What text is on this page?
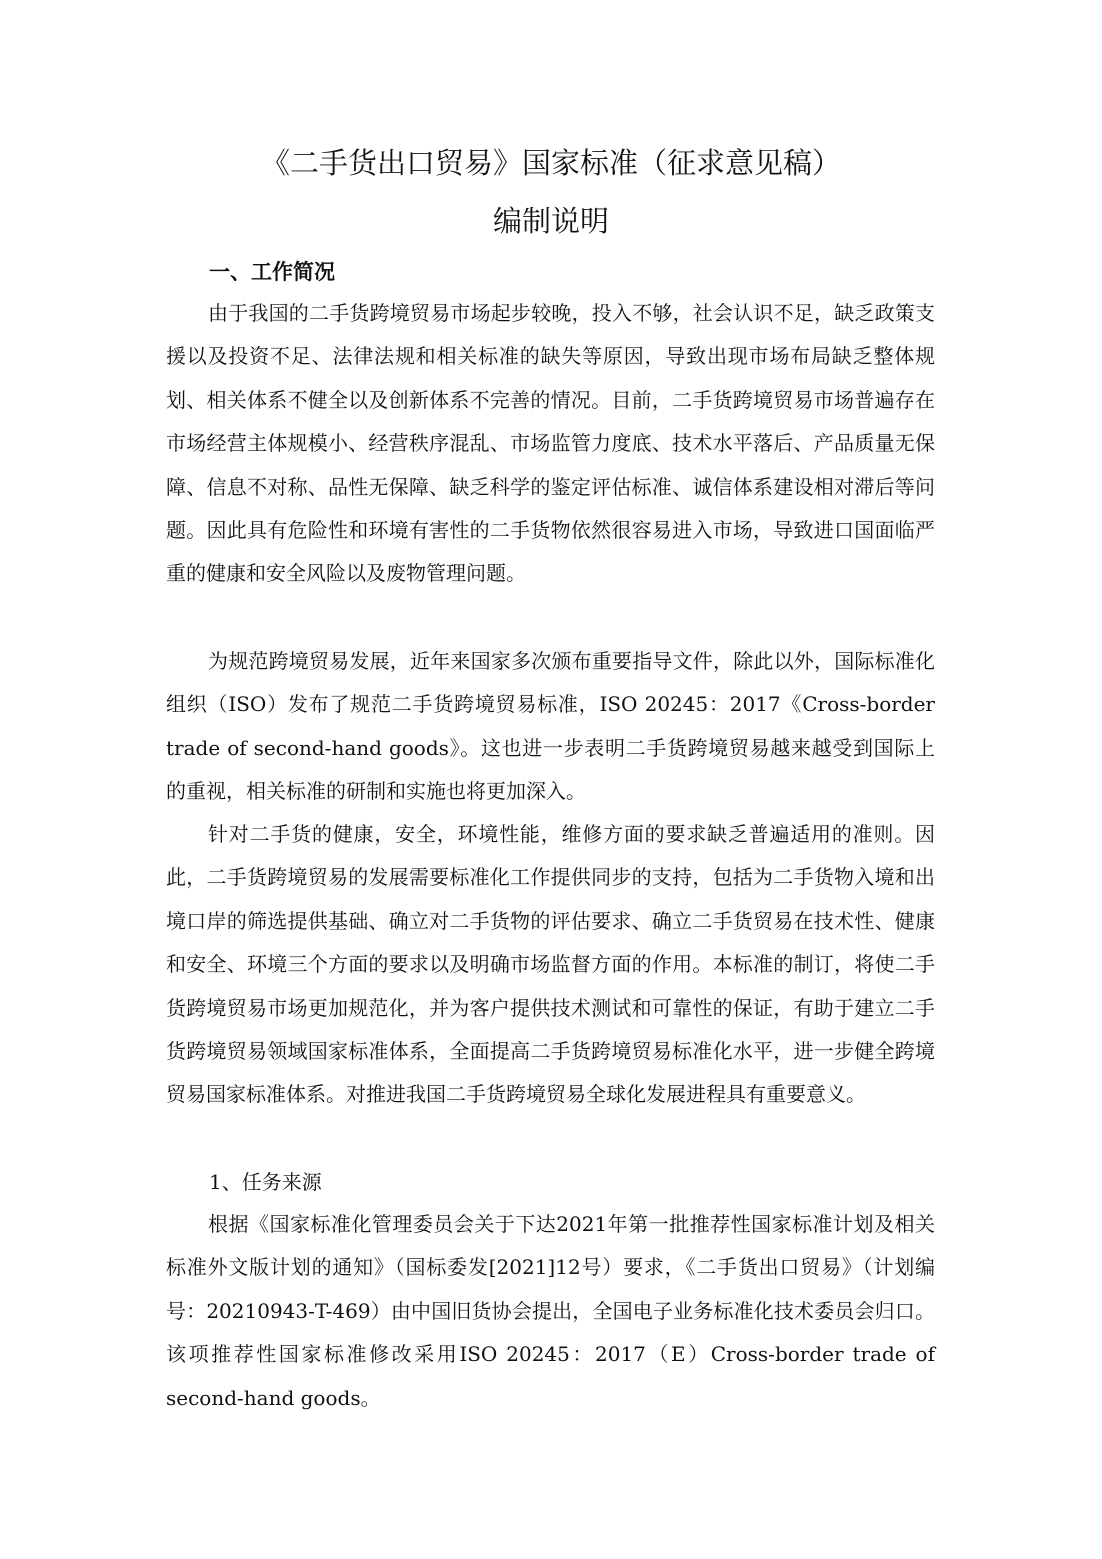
《二手货出口贸易》国家标准（征求意见稿）
编制说明
一、工作简况

由于我国的二手货跨境贸易市场起步较晚，投入不够，社会认识不足，缺乏政策支援以及投资不足、法律法规和相关标准的缺失等原因，导致出现市场布局缺乏整体规划、相关体系不健全以及创新体系不完善的情况。目前，二手货跨境贸易市场普遍存在市场经营主体规模小、经营秩序混乱、市场监管力度底、技术水平落后、产品质量无保障、信息不对称、品性无保障、缺乏科学的鉴定评估标准、诚信体系建设相对滞后等问题。因此具有危险性和环境有害性的二手货物依然很容易进入市场，导致进口国面临严重的健康和安全风险以及废物管理问题。

为规范跨境贸易发展，近年来国家多次颁布重要指导文件，除此以外，国际标准化组织（ISO）发布了规范二手货跨境贸易标准，ISO 20245：2017《Cross-border trade of second-hand goods》。这也进一步表明二手货跨境贸易越来越受到国际上的重视，相关标准的研制和实施也将更加深入。

针对二手货的健康，安全，环境性能，维修方面的要求缺乏普遍适用的准则。因此，二手货跨境贸易的发展需要标准化工作提供同步的支持，包括为二手货物入境和出境口岸的筛选提供基础、确立对二手货物的评估要求、确立二手货贸易在技术性、健康和安全、环境三个方面的要求以及明确市场监督方面的作用。本标准的制订，将使二手货跨境贸易市场更加规范化，并为客户提供技术测试和可靠性的保证，有助于建立二手货跨境贸易领域国家标准体系，全面提高二手货跨境贸易标准化水平，进一步健全跨境贸易国家标准体系。对推进我国二手货跨境贸易全球化发展进程具有重要意义。

1、任务来源

根据《国家标准化管理委员会关于下达2021年第一批推荐性国家标准计划及相关标准外文版计划的通知》（国标委发[2021]12号）要求，《二手货出口贸易》（计划编号：20210943-T-469）由中国旧货协会提出，全国电子业务标准化技术委员会归口。该项推荐性国家标准修改采用ISO 20245：2017（E）Cross-border trade of second-hand goods。
